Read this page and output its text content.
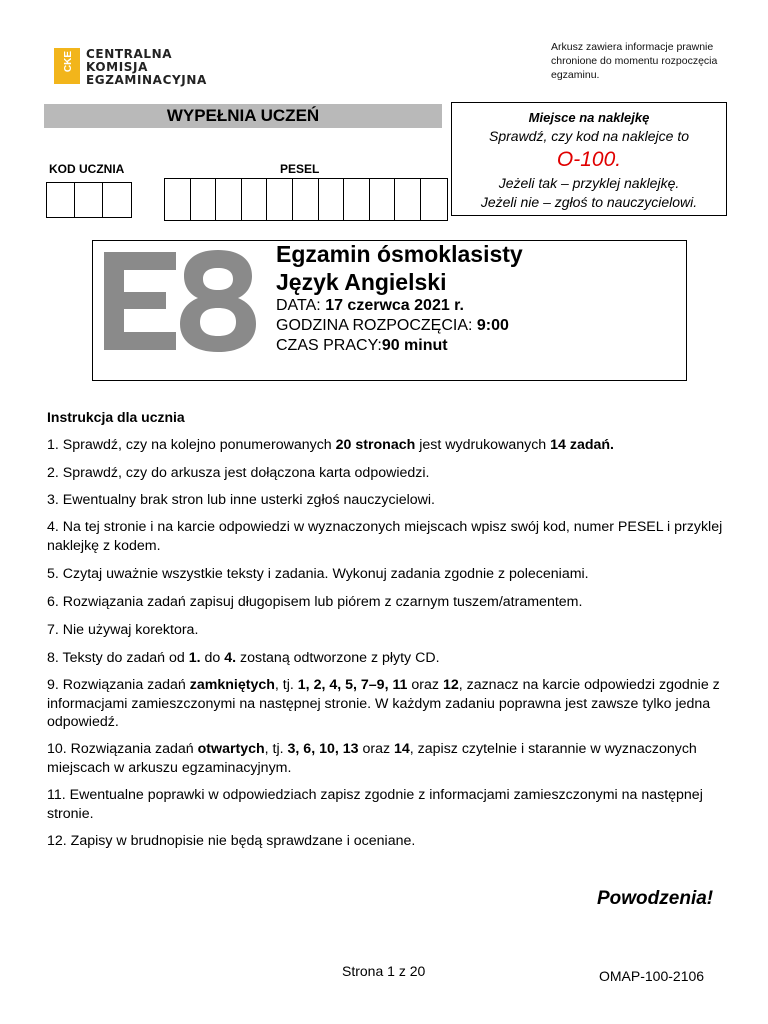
CKE CENTRALNA
KOMISJA
EGZAMINACYJNA
Arkusz zawiera informacje prawnie chronione do momentu rozpoczęcia egzaminu.
WYPEŁNIA UCZEŃ
KOD UCZNIA	PESEL
Miejsce na naklejkę
Sprawdź, czy kod na naklejce to
O-100.
Jeżeli tak – przyklej naklejkę.
Jeżeli nie – zgłoś to nauczycielowi.
Egzamin ósmoklasisty
Język Angielski
DATA: 17 czerwca 2021 r.
GODZINA ROZPOCZĘCIA: 9:00
CZAS PRACY:90 minut
Instrukcja dla ucznia
1. Sprawdź, czy na kolejno ponumerowanych 20 stronach jest wydrukowanych 14 zadań.
2. Sprawdź, czy do arkusza jest dołączona karta odpowiedzi.
3. Ewentualny brak stron lub inne usterki zgłoś nauczycielowi.
4. Na tej stronie i na karcie odpowiedzi w wyznaczonych miejscach wpisz swój kod, numer PESEL i przyklej naklejkę z kodem.
5. Czytaj uważnie wszystkie teksty i zadania. Wykonuj zadania zgodnie z poleceniami.
6. Rozwiązania zadań zapisuj długopisem lub piórem z czarnym tuszem/atramentem.
7. Nie używaj korektora.
8. Teksty do zadań od 1. do 4. zostaną odtworzone z płyty CD.
9. Rozwiązania zadań zamkniętych, tj. 1, 2, 4, 5, 7–9, 11 oraz 12, zaznacz na karcie odpowiedzi zgodnie z informacjami zamieszczonymi na następnej stronie. W każdym zadaniu poprawna jest zawsze tylko jedna odpowiedź.
10. Rozwiązania zadań otwartych, tj. 3, 6, 10, 13 oraz 14, zapisz czytelnie i starannie w wyznaczonych miejscach w arkuszu egzaminacyjnym.
11. Ewentualne poprawki w odpowiedziach zapisz zgodnie z informacjami zamieszczonymi na następnej stronie.
12. Zapisy w brudnopisie nie będą sprawdzane i oceniane.
Powodzenia!
Strona 1 z 20	OMAP-100-2106
